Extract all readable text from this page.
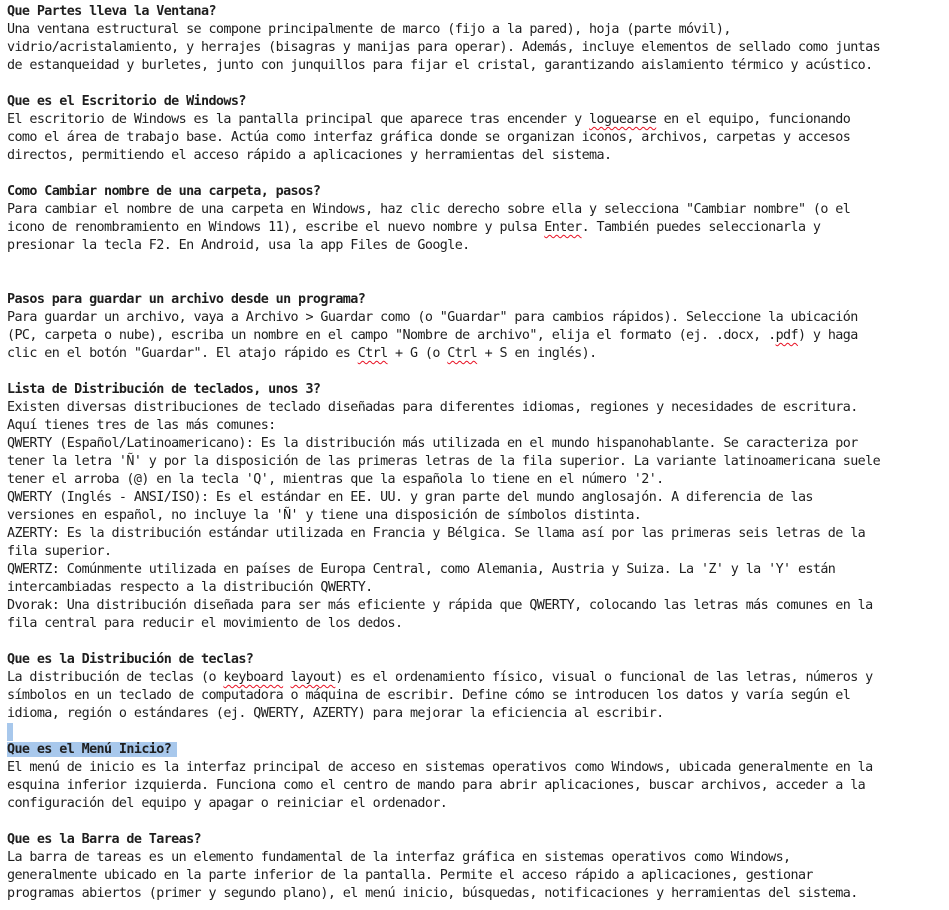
Que Partes lleva la Ventana?
Una ventana estructural se compone principalmente de marco (fijo a la pared), hoja (parte móvil),
vidrio/acristalamiento, y herrajes (bisagras y manijas para operar). Además, incluye elementos de sellado como juntas
de estanqueidad y burletes, junto con junquillos para fijar el cristal, garantizando aislamiento térmico y acústico.
Que es el Escritorio de Windows?
El escritorio de Windows es la pantalla principal que aparece tras encender y loguearse en el equipo, funcionando
como el área de trabajo base. Actúa como interfaz gráfica donde se organizan iconos, archivos, carpetas y accesos
directos, permitiendo el acceso rápido a aplicaciones y herramientas del sistema.
Como Cambiar nombre de una carpeta, pasos?
Para cambiar el nombre de una carpeta en Windows, haz clic derecho sobre ella y selecciona "Cambiar nombre" (o el
icono de renombramiento en Windows 11), escribe el nuevo nombre y pulsa Enter. También puedes seleccionarla y
presionar la tecla F2. En Android, usa la app Files de Google.
Pasos para guardar un archivo desde un programa?
Para guardar un archivo, vaya a Archivo > Guardar como (o "Guardar" para cambios rápidos). Seleccione la ubicación
(PC, carpeta o nube), escriba un nombre en el campo "Nombre de archivo", elija el formato (ej. .docx, .pdf) y haga
clic en el botón "Guardar". El atajo rápido es Ctrl + G (o Ctrl + S en inglés).
Lista de Distribución de teclados, unos 3?
Existen diversas distribuciones de teclado diseñadas para diferentes idiomas, regiones y necesidades de escritura.
Aquí tienes tres de las más comunes:
QWERTY (Español/Latinoamericano): Es la distribución más utilizada en el mundo hispanohablante. Se caracteriza por
tener la letra 'Ñ' y por la disposición de las primeras letras de la fila superior. La variante latinoamericana suele
tener el arroba (@) en la tecla 'Q', mientras que la española lo tiene en el número '2'.
QWERTY (Inglés - ANSI/ISO): Es el estándar en EE. UU. y gran parte del mundo anglosajón. A diferencia de las
versiones en español, no incluye la 'Ñ' y tiene una disposición de símbolos distinta.
AZERTY: Es la distribución estándar utilizada en Francia y Bélgica. Se llama así por las primeras seis letras de la
fila superior.
QWERTZ: Comúnmente utilizada en países de Europa Central, como Alemania, Austria y Suiza. La 'Z' y la 'Y' están
intercambiadas respecto a la distribución QWERTY.
Dvorak: Una distribución diseñada para ser más eficiente y rápida que QWERTY, colocando las letras más comunes en la
fila central para reducir el movimiento de los dedos.
Que es la Distribución de teclas?
La distribución de teclas (o keyboard layout) es el ordenamiento físico, visual o funcional de las letras, números y
símbolos en un teclado de computadora o máquina de escribir. Define cómo se introducen los datos y varía según el
idioma, región o estándares (ej. QWERTY, AZERTY) para mejorar la eficiencia al escribir.
Que es el Menú Inicio?
El menú de inicio es la interfaz principal de acceso en sistemas operativos como Windows, ubicada generalmente en la
esquina inferior izquierda. Funciona como el centro de mando para abrir aplicaciones, buscar archivos, acceder a la
configuración del equipo y apagar o reiniciar el ordenador.
Que es la Barra de Tareas?
La barra de tareas es un elemento fundamental de la interfaz gráfica en sistemas operativos como Windows,
generalmente ubicado en la parte inferior de la pantalla. Permite el acceso rápido a aplicaciones, gestionar
programas abiertos (primer y segundo plano), el menú inicio, búsquedas, notificaciones y herramientas del sistema.
